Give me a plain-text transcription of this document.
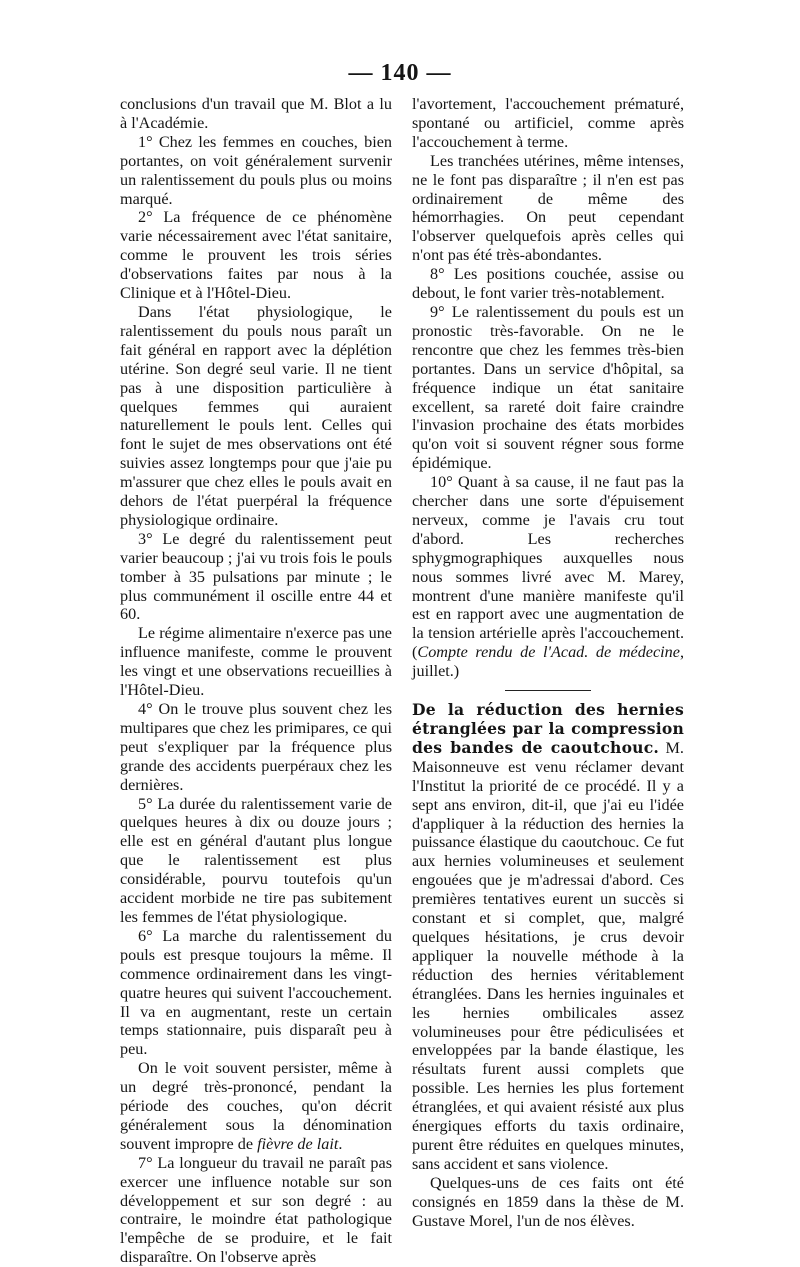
— 140 —

conclusions d'un travail que M. Blot a lu à l'Académie.

1° Chez les femmes en couches, bien portantes, on voit généralement survenir un ralentissement du pouls plus ou moins marqué.

2° La fréquence de ce phénomène varie nécessairement avec l'état sanitaire, comme le prouvent les trois séries d'observations faites par nous à la Clinique et à l'Hôtel-Dieu.

Dans l'état physiologique, le ralentissement du pouls nous paraît un fait général en rapport avec la déplétion utérine. Son degré seul varie. Il ne tient pas à une disposition particulière à quelques femmes qui auraient naturellement le pouls lent. Celles qui font le sujet de mes observations ont été suivies assez longtemps pour que j'aie pu m'assurer que chez elles le pouls avait en dehors de l'état puerpéral la fréquence physiologique ordinaire.

3° Le degré du ralentissement peut varier beaucoup ; j'ai vu trois fois le pouls tomber à 35 pulsations par minute ; le plus communément il oscille entre 44 et 60.

Le régime alimentaire n'exerce pas une influence manifeste, comme le prouvent les vingt et une observations recueillies à l'Hôtel-Dieu.

4° On le trouve plus souvent chez les multipares que chez les primipares, ce qui peut s'expliquer par la fréquence plus grande des accidents puerpéraux chez les dernières.

5° La durée du ralentissement varie de quelques heures à dix ou douze jours ; elle est en général d'autant plus longue que le ralentissement est plus considérable, pourvu toutefois qu'un accident morbide ne tire pas subitement les femmes de l'état physiologique.

6° La marche du ralentissement du pouls est presque toujours la même. Il commence ordinairement dans les vingt-quatre heures qui suivent l'accouchement. Il va en augmentant, reste un certain temps stationnaire, puis disparaît peu à peu.

On le voit souvent persister, même à un degré très-prononcé, pendant la période des couches, qu'on décrit généralement sous la dénomination souvent impropre de fièvre de lait.

7° La longueur du travail ne paraît pas exercer une influence notable sur son développement et sur son degré : au contraire, le moindre état pathologique l'empêche de se produire, et le fait disparaître. On l'observe après

l'avortement, l'accouchement prématuré, spontané ou artificiel, comme après l'accouchement à terme.

Les tranchées utérines, même intenses, ne le font pas disparaître ; il n'en est pas ordinairement de même des hémorrhagies. On peut cependant l'observer quelquefois après celles qui n'ont pas été très-abondantes.

8° Les positions couchée, assise ou debout, le font varier très-notablement.

9° Le ralentissement du pouls est un pronostic très-favorable. On ne le rencontre que chez les femmes très-bien portantes. Dans un service d'hôpital, sa fréquence indique un état sanitaire excellent, sa rareté doit faire craindre l'invasion prochaine des états morbides qu'on voit si souvent régner sous forme épidémique.

10° Quant à sa cause, il ne faut pas la chercher dans une sorte d'épuisement nerveux, comme je l'avais cru tout d'abord. Les recherches sphygmographiques auxquelles nous nous sommes livré avec M. Marey, montrent d'une manière manifeste qu'il est en rapport avec une augmentation de la tension artérielle après l'accouchement. (Compte rendu de l'Acad. de médecine, juillet.)

De la réduction des hernies étranglées par la compression des bandes de caoutchouc. M. Maisonneuve est venu réclamer devant l'Institut la priorité de ce procédé. Il y a sept ans environ, dit-il, que j'ai eu l'idée d'appliquer à la réduction des hernies la puissance élastique du caoutchouc. Ce fut aux hernies volumineuses et seulement engouées que je m'adressai d'abord. Ces premières tentatives eurent un succès si constant et si complet, que, malgré quelques hésitations, je crus devoir appliquer la nouvelle méthode à la réduction des hernies véritablement étranglées. Dans les hernies inguinales et les hernies ombilicales assez volumineuses pour être pédiculisées et enveloppées par la bande élastique, les résultats furent aussi complets que possible. Les hernies les plus fortement étranglées, et qui avaient résisté aux plus énergiques efforts du taxis ordinaire, purent être réduites en quelques minutes, sans accident et sans violence.

Quelques-uns de ces faits ont été consignés en 1859 dans la thèse de M. Gustave Morel, l'un de nos élèves.
